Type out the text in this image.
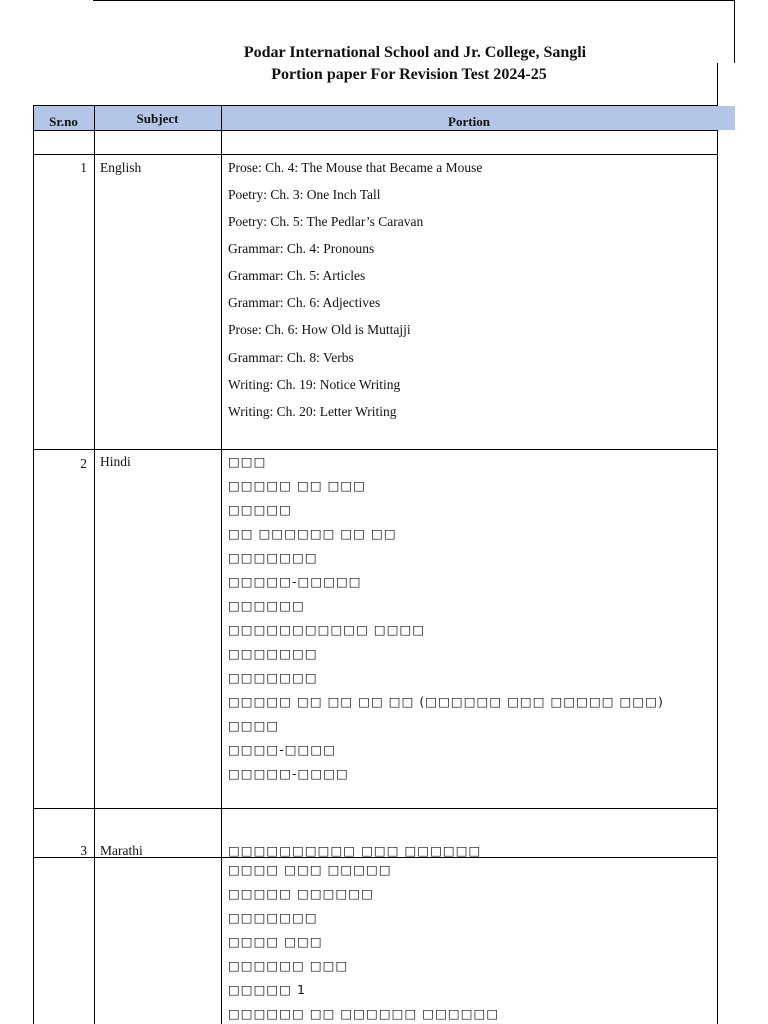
Podar International School and Jr. College, Sangli
Portion paper For Revision Test 2024-25
Sr.no	Subject	Portion
1 English	Prose: Ch. 4: The Mouse that Became a Mouse
Poetry: Ch. 3: One Inch Tall
Poetry: Ch. 5: The Pedlar’s Caravan
Grammar: Ch. 4: Pronouns
Grammar: Ch. 5: Articles
Grammar: Ch. 6: Adjectives
Prose: Ch. 6: How Old is Muttajji
Grammar: Ch. 8: Verbs
Writing: Ch. 19: Notice Writing
Writing: Ch. 20: Letter Writing
2 Hindi	□□□
□□□□□ □□ □□□
□□□□□
□□ □□□□□□ □□ □□
□□□□□□□
□□□□□-□□□□□
□□□□□□
□□□□□□□□□□□ □□□□
□□□□□□□
□□□□□□□
□□□□□ □□ □□ □□ □□ (□□□□□□ □□□ □□□□□ □□□)
□□□□
□□□□-□□□□
□□□□□-□□□□
3 Marathi	□□□□□□□□□□ □□□ □□□□□□
□□□□ □□□ □□□□□
□□□□□ □□□□□□
□□□□□□□
□□□□ □□□
□□□□□□ □□□
□□□□□ 1
□□□□□□ □□ □□□□□□ □□□□□□
